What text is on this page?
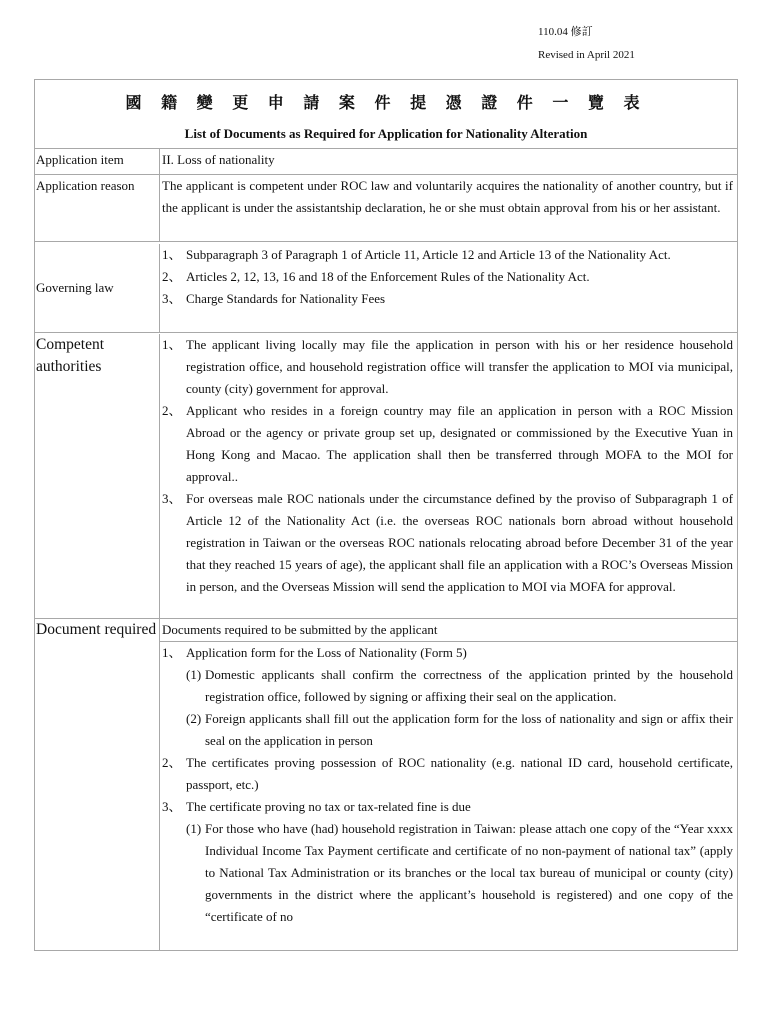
110.04 修訂
Revised in April 2021
國 籍 變 更 申 請 案 件 提 憑 證 件 一 覽 表
List of Documents as Required for Application for Nationality Alteration
Application item	II. Loss of nationality
Application reason	The applicant is competent under ROC law and voluntarily acquires the nationality of another country, but if the applicant is under the assistantship declaration, he or she must obtain approval from his or her assistant.

Governing law
1、 Subparagraph 3 of Paragraph 1 of Article 11, Article 12 and Article 13 of the Nationality Act.
2、 Articles 2, 12, 13, 16 and 18 of the Enforcement Rules of the Nationality Act.
3、 Charge Standards for Nationality Fees
Competent authorities
1、 The applicant living locally may file the application in person with his or her residence household registration office, and household registration office will transfer the application to MOI via municipal, county (city) government for approval.
2、 Applicant who resides in a foreign country may file an application in person with a ROC Mission Abroad or the agency or private group set up, designated or commissioned by the Executive Yuan in Hong Kong and Macao. The application shall then be transferred through MOFA to the MOI for approval..
3、 For overseas male ROC nationals under the circumstance defined by the proviso of Subparagraph 1 of Article 12 of the Nationality Act (i.e. the overseas ROC nationals born abroad without household registration in Taiwan or the overseas ROC nationals relocating abroad before December 31 of the year that they reached 15 years of age), the applicant shall file an application with a ROC’s Overseas Mission in person, and the Overseas Mission will send the application to MOI via MOFA for approval.
Document required Documents required to be submitted by the applicant

1、 Application form for the Loss of Nationality (Form 5)
(1) Domestic applicants shall confirm the correctness of the application printed by the household registration office, followed by signing or affixing their seal on the application.
(2) Foreign applicants shall fill out the application form for the loss of nationality and sign or affix their seal on the application in person
2、 The certificates proving possession of ROC nationality (e.g. national ID card, household certificate, passport, etc.)
3、 The certificate proving no tax or tax-related fine is due
(1) For those who have (had) household registration in Taiwan: please attach one copy of the “Year xxxx Individual Income Tax Payment certificate and certificate of no non-payment of national tax” (apply to National Tax Administration or its branches or the local tax bureau of municipal or county (city) governments in the district where the applicant’s household is registered) and one copy of the “certificate of no
